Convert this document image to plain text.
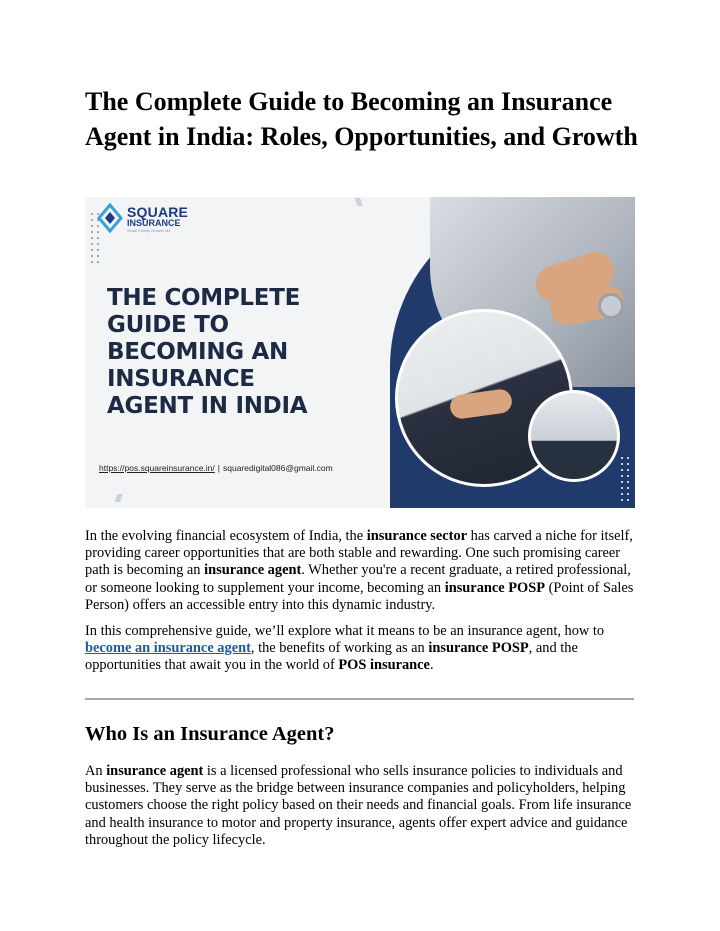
The Complete Guide to Becoming an Insurance Agent in India: Roles, Opportunities, and Growth
SQUARE
INSURANCE
Small Family Growth Me
\\\\
THE COMPLETE
GUIDE TO
BECOMING AN
INSURANCE
AGENT IN INDIA
https://pos.squareinsurance.in/ | squaredigital086@gmail.com
////

In the evolving financial ecosystem of India, the insurance sector has carved a niche for itself, providing career opportunities that are both stable and rewarding. One such promising career path is becoming an insurance agent. Whether you're a recent graduate, a retired professional, or someone looking to supplement your income, becoming an insurance POSP (Point of Sales Person) offers an accessible entry into this dynamic industry.

In this comprehensive guide, we’ll explore what it means to be an insurance agent, how to become an insurance agent, the benefits of working as an insurance POSP, and the opportunities that await you in the world of POS insurance.

Who Is an Insurance Agent?

An insurance agent is a licensed professional who sells insurance policies to individuals and businesses. They serve as the bridge between insurance companies and policyholders, helping customers choose the right policy based on their needs and financial goals. From life insurance and health insurance to motor and property insurance, agents offer expert advice and guidance throughout the policy lifecycle.
